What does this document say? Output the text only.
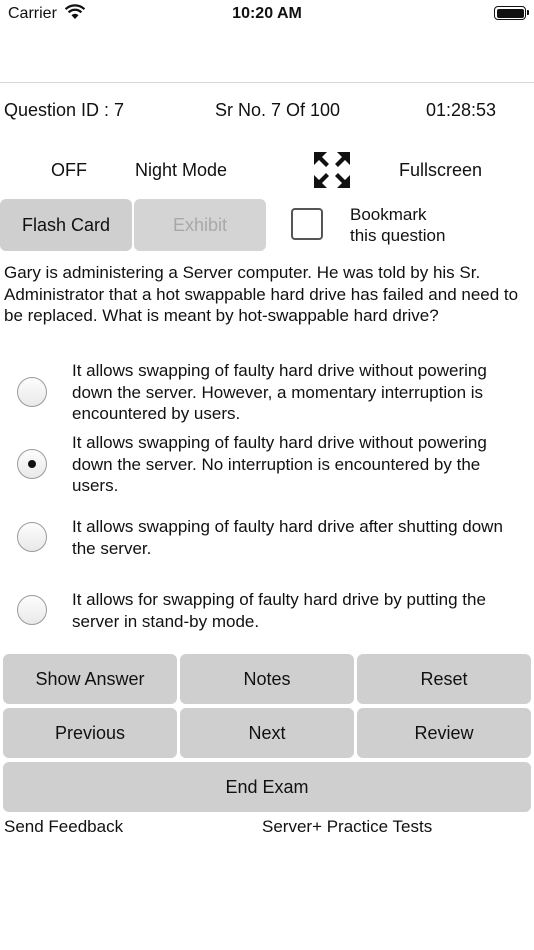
Carrier	10:20 AM
Question ID : 7	Sr No. 7 Of 100	01:28:53
OFF	Night Mode	Fullscreen
Flash Card	Exhibit	Bookmark
this question
Gary is administering a Server computer. He was told by his Sr. Administrator that a hot swappable hard drive has failed and need to be replaced. What is meant by hot-swappable hard drive?
It allows swapping of faulty hard drive without powering down the server. However, a momentary interruption is encountered by users.
It allows swapping of faulty hard drive without powering down the server. No interruption is encountered by the users.
It allows swapping of faulty hard drive after shutting down the server.
It allows for swapping of faulty hard drive by putting the server in stand-by mode.
Show Answer	Notes	Reset
Previous	Next	Review
End Exam
Send Feedback	Server+ Practice Tests
